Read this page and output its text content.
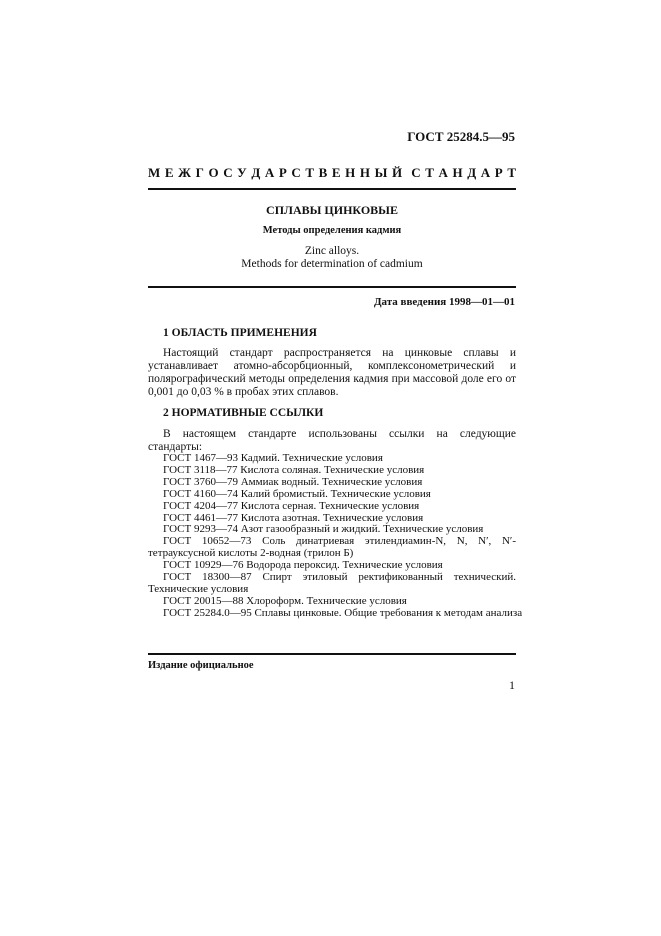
ГОСТ 25284.5—95
М Е Ж Г О С У Д А Р С Т В Е Н Н Ы Й С Т А Н Д А Р Т
СПЛАВЫ ЦИНКОВЫЕ
Методы определения кадмия
Zinc alloys.
Methods for determination of cadmium
Дата введения 1998—01—01
1 ОБЛАСТЬ ПРИМЕНЕНИЯ

Настоящий стандарт распространяется на цинковые сплавы и устанавливает атомно-абсорбционный, комплексонометрический и полярографический методы определения кадмия при массовой доле его от 0,001 до 0,03 % в пробах этих сплавов.

2 НОРМАТИВНЫЕ ССЫЛКИ

В настоящем стандарте использованы ссылки на следующие стандарты:

ГОСТ 1467—93 Кадмий. Технические условия
ГОСТ 3118—77 Кислота соляная. Технические условия
ГОСТ 3760—79 Аммиак водный. Технические условия
ГОСТ 4160—74 Калий бромистый. Технические условия
ГОСТ 4204—77 Кислота серная. Технические условия
ГОСТ 4461—77 Кислота азотная. Технические условия
ГОСТ 9293—74 Азот газообразный и жидкий. Технические условия
ГОСТ 10652—73 Соль динатриевая этилендиамин-N, N, N′, N′-тетрауксусной кислоты 2-водная (трилон Б)
ГОСТ 10929—76 Водорода пероксид. Технические условия
ГОСТ 18300—87 Спирт этиловый ректификованный технический. Технические условия
ГОСТ 20015—88 Хлороформ. Технические условия
ГОСТ 25284.0—95 Сплавы цинковые. Общие требования к методам анализа
Издание официальное
1
